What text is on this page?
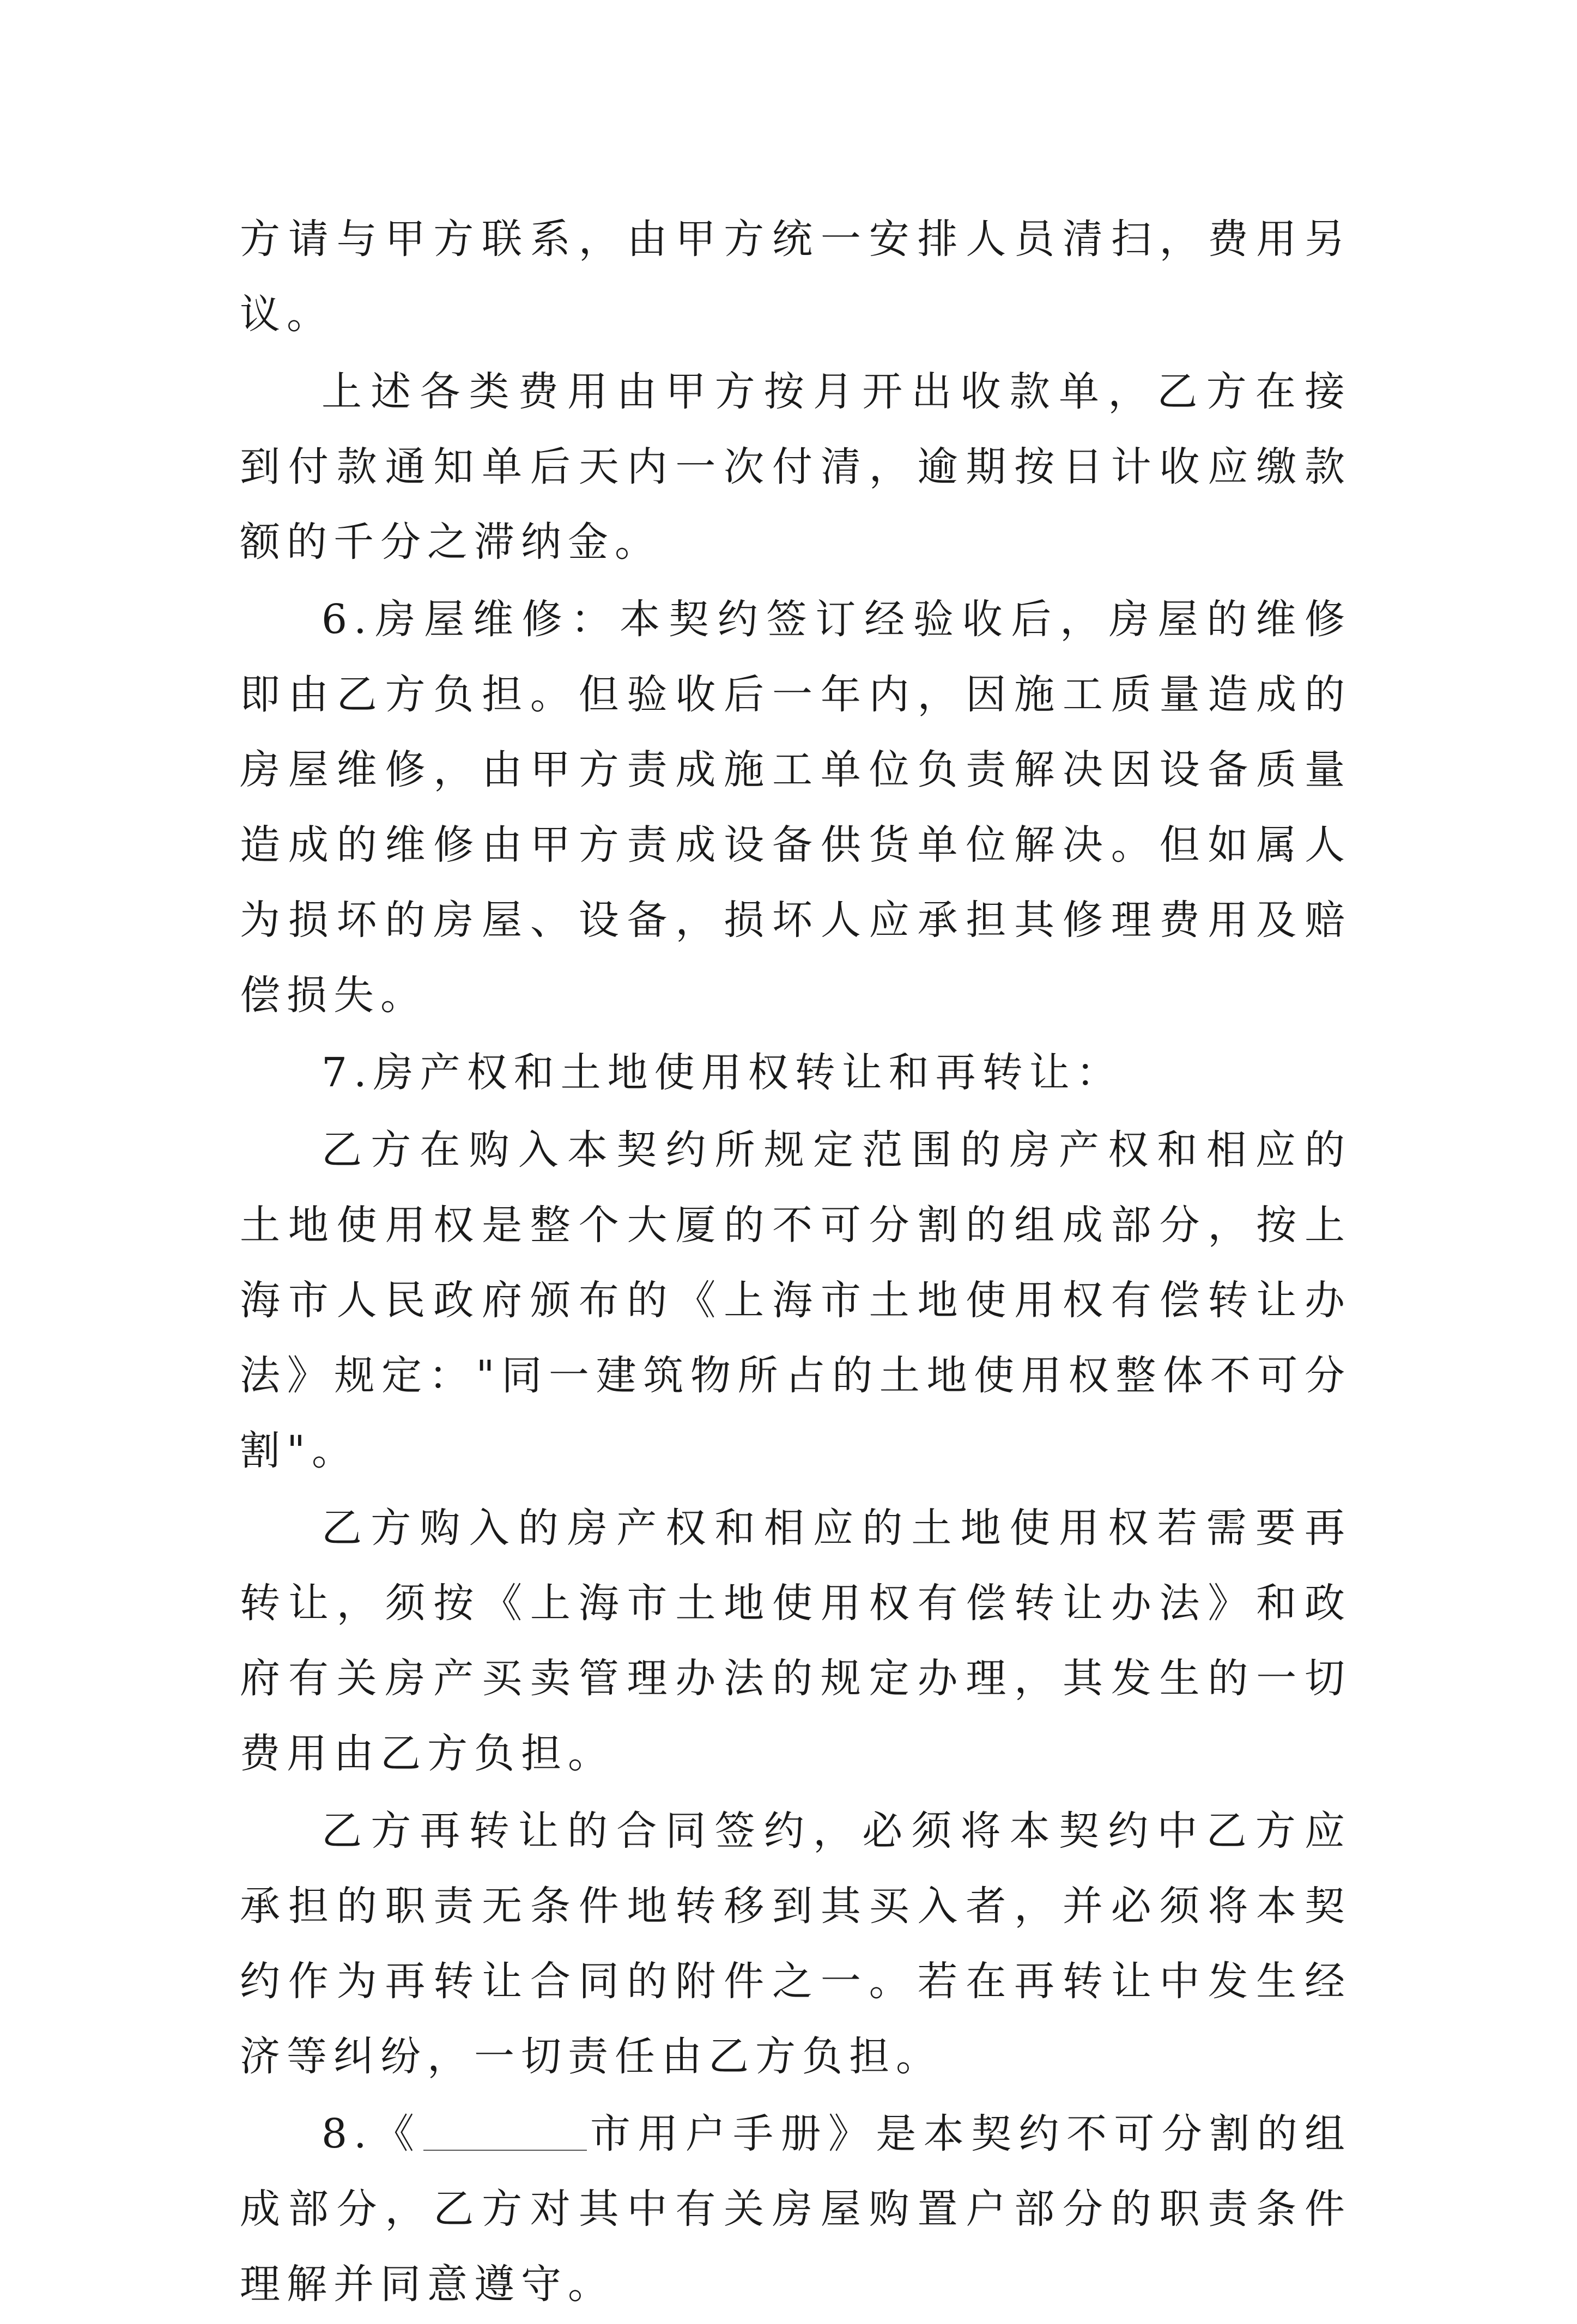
方请与甲方联系，由甲方统一安排人员清扫，费用另议。

上述各类费用由甲方按月开出收款单，乙方在接到付款通知单后天内一次付清，逾期按日计收应缴款额的千分之滞纳金。

6.房屋维修：本契约签订经验收后，房屋的维修即由乙方负担。但验收后一年内，因施工质量造成的房屋维修，由甲方责成施工单位负责解决因设备质量造成的维修由甲方责成设备供货单位解决。但如属人为损坏的房屋、设备，损坏人应承担其修理费用及赔偿损失。

7.房产权和土地使用权转让和再转让：

乙方在购入本契约所规定范围的房产权和相应的土地使用权是整个大厦的不可分割的组成部分，按上海市人民政府颁布的《上海市土地使用权有偿转让办法》规定："同一建筑物所占的土地使用权整体不可分割"。

乙方购入的房产权和相应的土地使用权若需要再转让，须按《上海市土地使用权有偿转让办法》和政府有关房产买卖管理办法的规定办理，其发生的一切费用由乙方负担。

乙方再转让的合同签约，必须将本契约中乙方应承担的职责无条件地转移到其买入者，并必须将本契约作为再转让合同的附件之一。若在再转让中发生经济等纠纷，一切责任由乙方负担。

8.《	市用户手册》是本契约不可分割的组成部分，乙方对其中有关房屋购置户部分的职责条件理解并同意遵守。
